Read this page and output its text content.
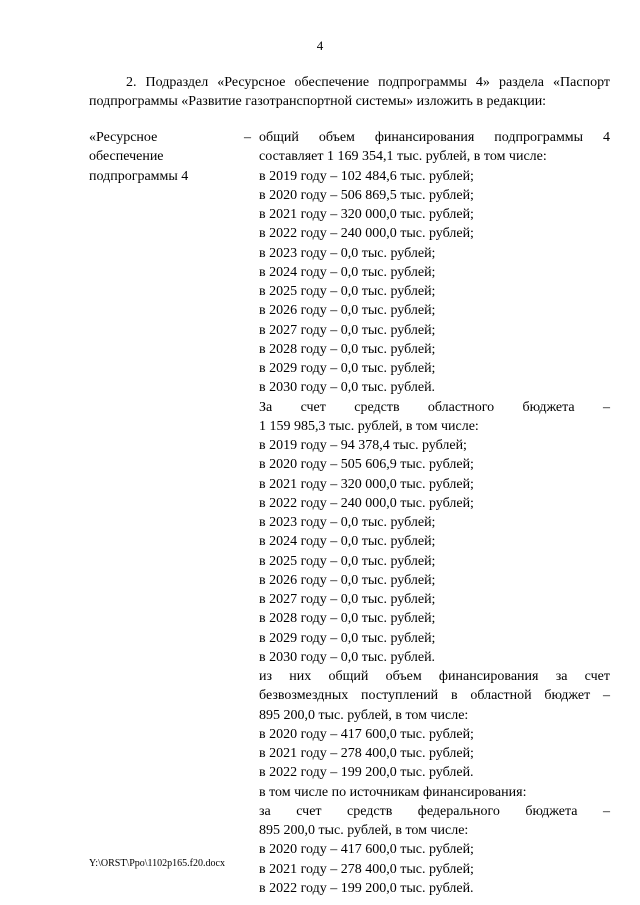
4

2. Подраздел «Ресурсное обеспечение подпрограммы 4» раздела «Паспорт подпрограммы «Развитие газотранспортной системы» изложить в редакции:

«Ресурсное
обеспечение
подпрограммы 4
– общий объем финансирования подпрограммы 4
составляет 1 169 354,1 тыс. рублей, в том числе:
в 2019 году – 102 484,6 тыс. рублей;
в 2020 году – 506 869,5 тыс. рублей;
в 2021 году – 320 000,0 тыс. рублей;
в 2022 году – 240 000,0 тыс. рублей;
в 2023 году – 0,0 тыс. рублей;
в 2024 году – 0,0 тыс. рублей;
в 2025 году – 0,0 тыс. рублей;
в 2026 году – 0,0 тыс. рублей;
в 2027 году – 0,0 тыс. рублей;
в 2028 году – 0,0 тыс. рублей;
в 2029 году – 0,0 тыс. рублей;
в 2030 году – 0,0 тыс. рублей.
За счет средств областного бюджета –
1 159 985,3 тыс. рублей, в том числе:
в 2019 году – 94 378,4 тыс. рублей;
в 2020 году – 505 606,9 тыс. рублей;
в 2021 году – 320 000,0 тыс. рублей;
в 2022 году – 240 000,0 тыс. рублей;
в 2023 году – 0,0 тыс. рублей;
в 2024 году – 0,0 тыс. рублей;
в 2025 году – 0,0 тыс. рублей;
в 2026 году – 0,0 тыс. рублей;
в 2027 году – 0,0 тыс. рублей;
в 2028 году – 0,0 тыс. рублей;
в 2029 году – 0,0 тыс. рублей;
в 2030 году – 0,0 тыс. рублей.
из них общий объем финансирования за счет
безвозмездных поступлений в областной бюджет –
895 200,0 тыс. рублей, в том числе:
в 2020 году – 417 600,0 тыс. рублей;
в 2021 году – 278 400,0 тыс. рублей;
в 2022 году – 199 200,0 тыс. рублей.
в том числе по источникам финансирования:
за счет средств федерального бюджета –
895 200,0 тыс. рублей, в том числе:
в 2020 году – 417 600,0 тыс. рублей;
в 2021 году – 278 400,0 тыс. рублей;
в 2022 году – 199 200,0 тыс. рублей.
Y:\ORST\Ppo\1102p165.f20.docx
